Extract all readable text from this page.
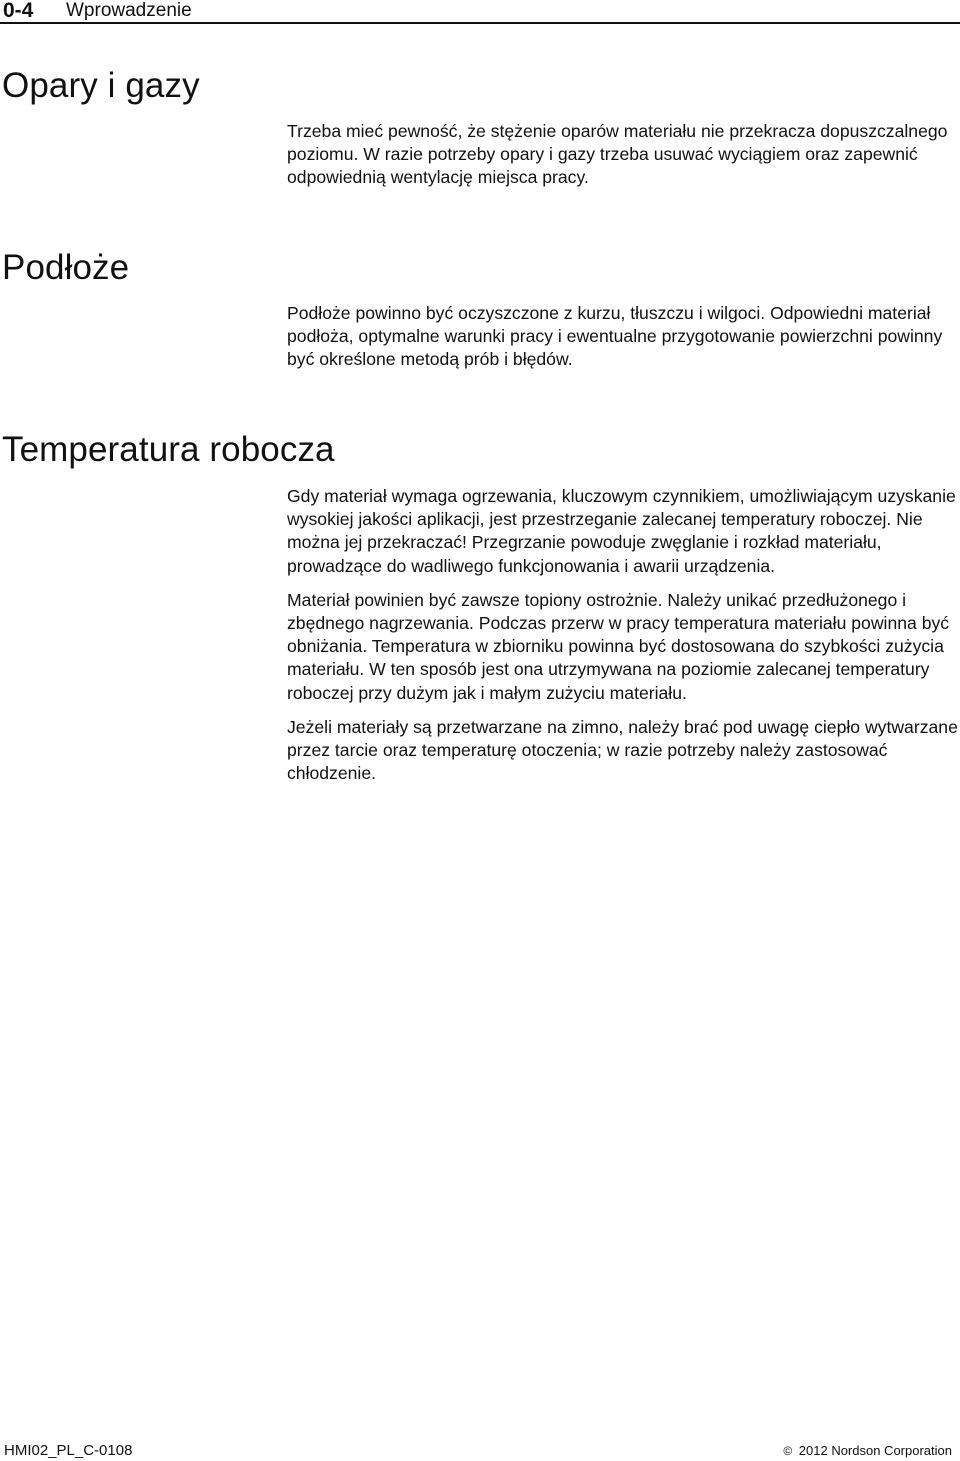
0-4 Wprowadzenie
Opary i gazy

Trzeba mieć pewność, że stężenie oparów materiału nie przekracza dopuszczalnego poziomu. W razie potrzeby opary i gazy trzeba usuwać wyciągiem oraz zapewnić odpowiednią wentylację miejsca pracy.

Podłoże

Podłoże powinno być oczyszczone z kurzu, tłuszczu i wilgoci. Odpowiedni materiał podłoża, optymalne warunki pracy i ewentualne przygotowanie powierzchni powinny być określone metodą prób i błędów.

Temperatura robocza

Gdy materiał wymaga ogrzewania, kluczowym czynnikiem, umożliwiającym uzyskanie wysokiej jakości aplikacji, jest przestrzeganie zalecanej temperatury roboczej. Nie można jej przekraczać! Przegrzanie powoduje zwęglanie i rozkład materiału, prowadzące do wadliwego funkcjonowania i awarii urządzenia.

Materiał powinien być zawsze topiony ostrożnie. Należy unikać przedłużonego i zbędnego nagrzewania. Podczas przerw w pracy temperatura materiału powinna być obniżania. Temperatura w zbiorniku powinna być dostosowana do szybkości zużycia materiału. W ten sposób jest ona utrzymywana na poziomie zalecanej temperatury roboczej przy dużym jak i małym zużyciu materiału.

Jeżeli materiały są przetwarzane na zimno, należy brać pod uwagę ciepło wytwarzane przez tarcie oraz temperaturę otoczenia; w razie potrzeby należy zastosować chłodzenie.

HMI02_PL_C-0108	© 2012 Nordson Corporation
